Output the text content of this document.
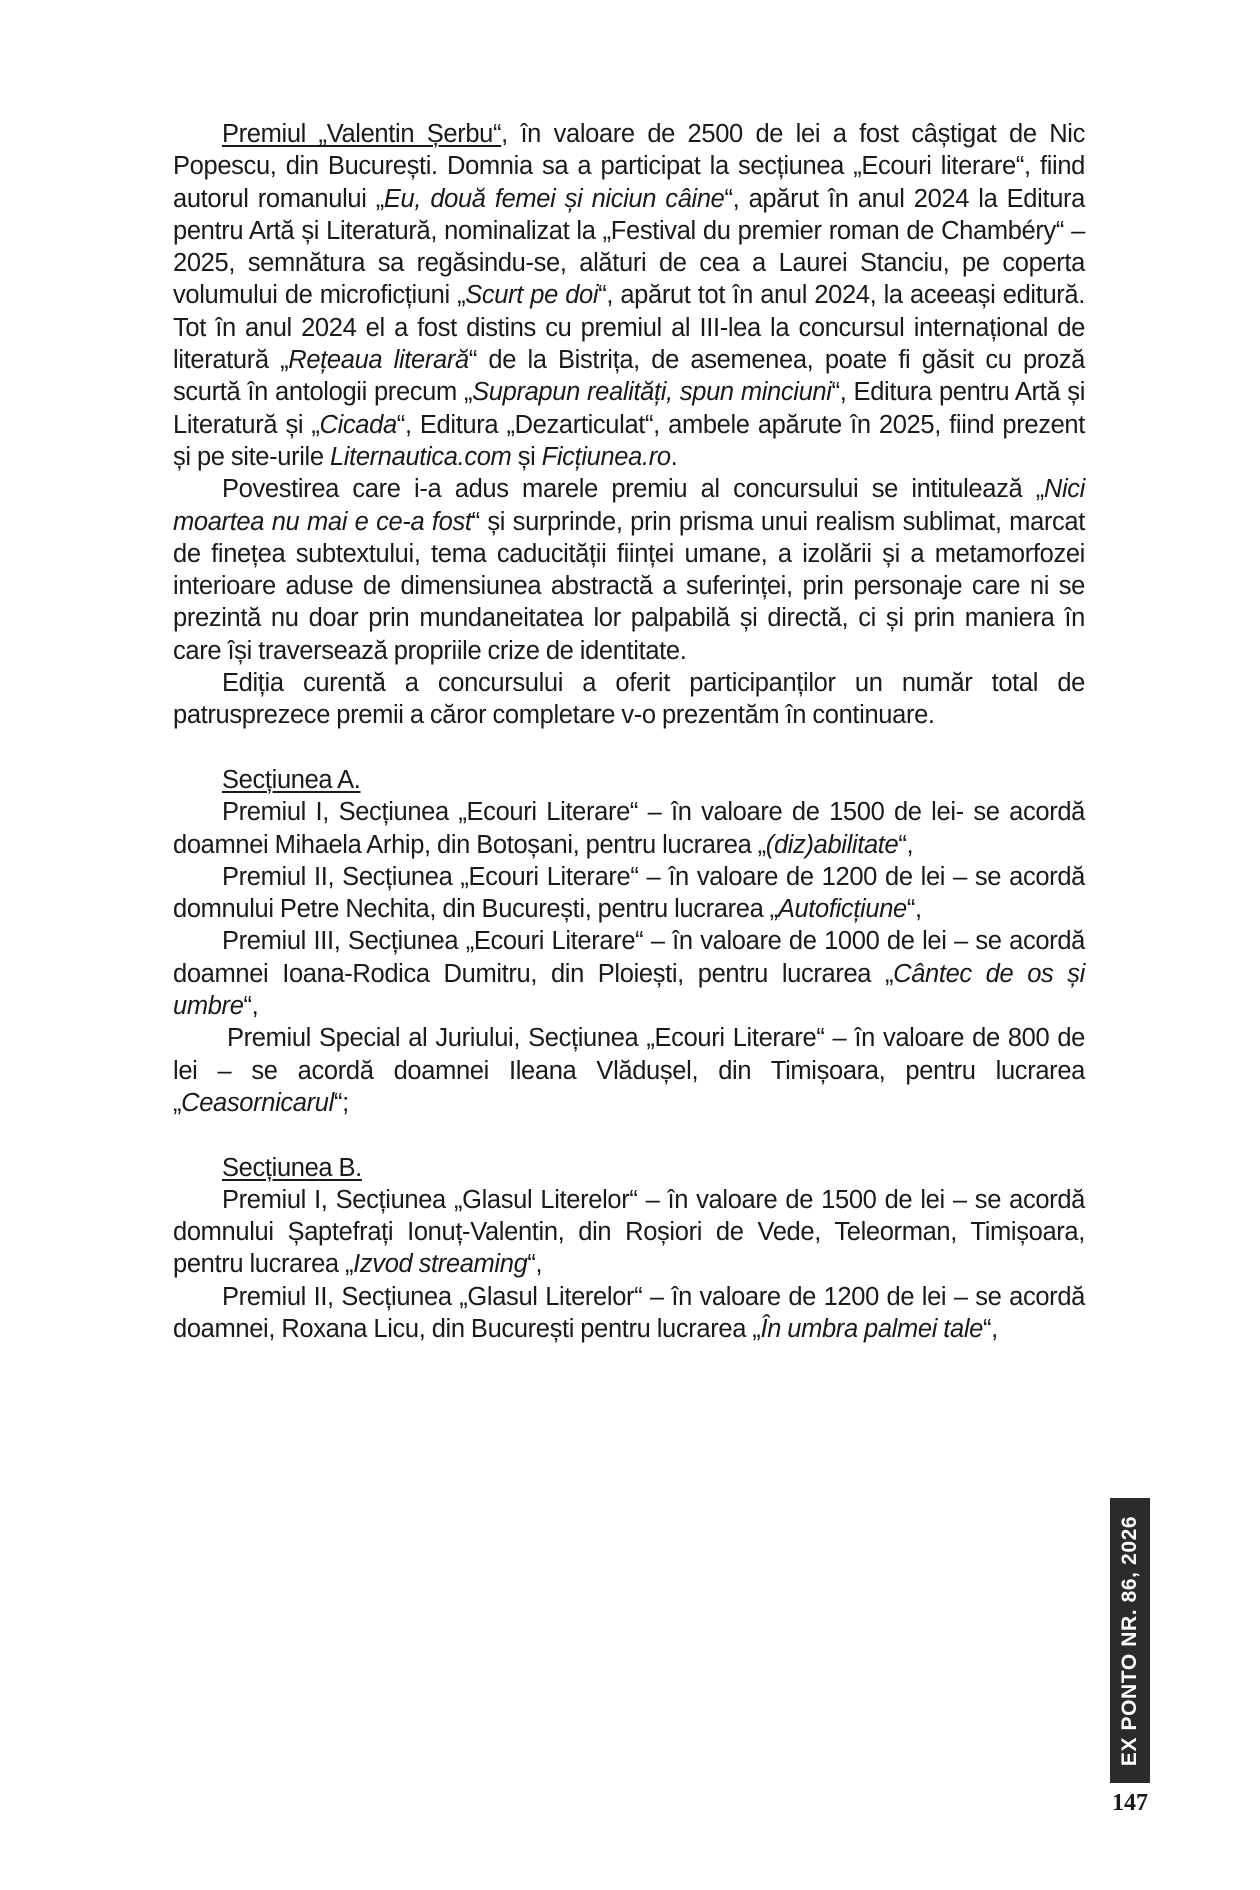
Premiul „Valentin Șerbu“, în valoare de 2500 de lei a fost câștigat de Nic Popescu, din București. Domnia sa a participat la secțiunea „Ecouri literare“, fiind autorul romanului „Eu, două femei și niciun câine“, apărut în anul 2024 la Editura pentru Artă și Literatură, nominalizat la „Festival du premier roman de Chambéry“ – 2025, semnătura sa regăsindu-se, alături de cea a Laurei Stanciu, pe coperta volumului de microficțiuni „Scurt pe doi“, apărut tot în anul 2024, la aceeași editură. Tot în anul 2024 el a fost distins cu premiul al III-lea la concursul internațional de literatură „Rețeaua literară“ de la Bistrița, de asemenea, poate fi găsit cu proză scurtă în antologii precum „Suprapun realități, spun minciuni“, Editura pentru Artă și Literatură și „Cicada“, Editura „Dezarticulat“, ambele apărute în 2025, fiind prezent și pe site-urile Liternautica.com și Ficțiunea.ro.

Povestirea care i-a adus marele premiu al concursului se intitulează „Nici moartea nu mai e ce-a fost“ și surprinde, prin prisma unui realism sublimat, marcat de finețea subtextului, tema caducității ființei umane, a izolării și a metamorfozei interioare aduse de dimensiunea abstractă a suferinței, prin personaje care ni se prezintă nu doar prin mundaneitatea lor palpabilă și directă, ci și prin maniera în care își traversează propriile crize de identitate.

Ediția curentă a concursului a oferit participanților un număr total de patrusprezece premii a căror completare v-o prezentăm în continuare.

Secțiunea A.

Premiul I, Secțiunea „Ecouri Literare“ – în valoare de 1500 de lei- se acordă doamnei Mihaela Arhip, din Botoșani, pentru lucrarea „(diz)abilitate“,

Premiul II, Secțiunea „Ecouri Literare“ – în valoare de 1200 de lei – se acordă domnului Petre Nechita, din București, pentru lucrarea „Autoficțiune“,

Premiul III, Secțiunea „Ecouri Literare“ – în valoare de 1000 de lei – se acordă doamnei Ioana-Rodica Dumitru, din Ploiești, pentru lucrarea „Cântec de os și umbre“,

Premiul Special al Juriului, Secțiunea „Ecouri Literare“ – în valoare de 800 de lei – se acordă doamnei Ileana Vlădușel, din Timișoara, pentru lucrarea „Ceasornicarul“;

Secțiunea B.

Premiul I, Secțiunea „Glasul Literelor“ – în valoare de 1500 de lei – se acordă domnului Șaptefrați Ionuț-Valentin, din Roșiori de Vede, Teleorman, Timișoara, pentru lucrarea „Izvod streaming“,

Premiul II, Secțiunea „Glasul Literelor“ – în valoare de 1200 de lei – se acordă doamnei, Roxana Licu, din București pentru lucrarea „În umbra palmei tale“,

EX PONTO NR. 86, 2026
147
